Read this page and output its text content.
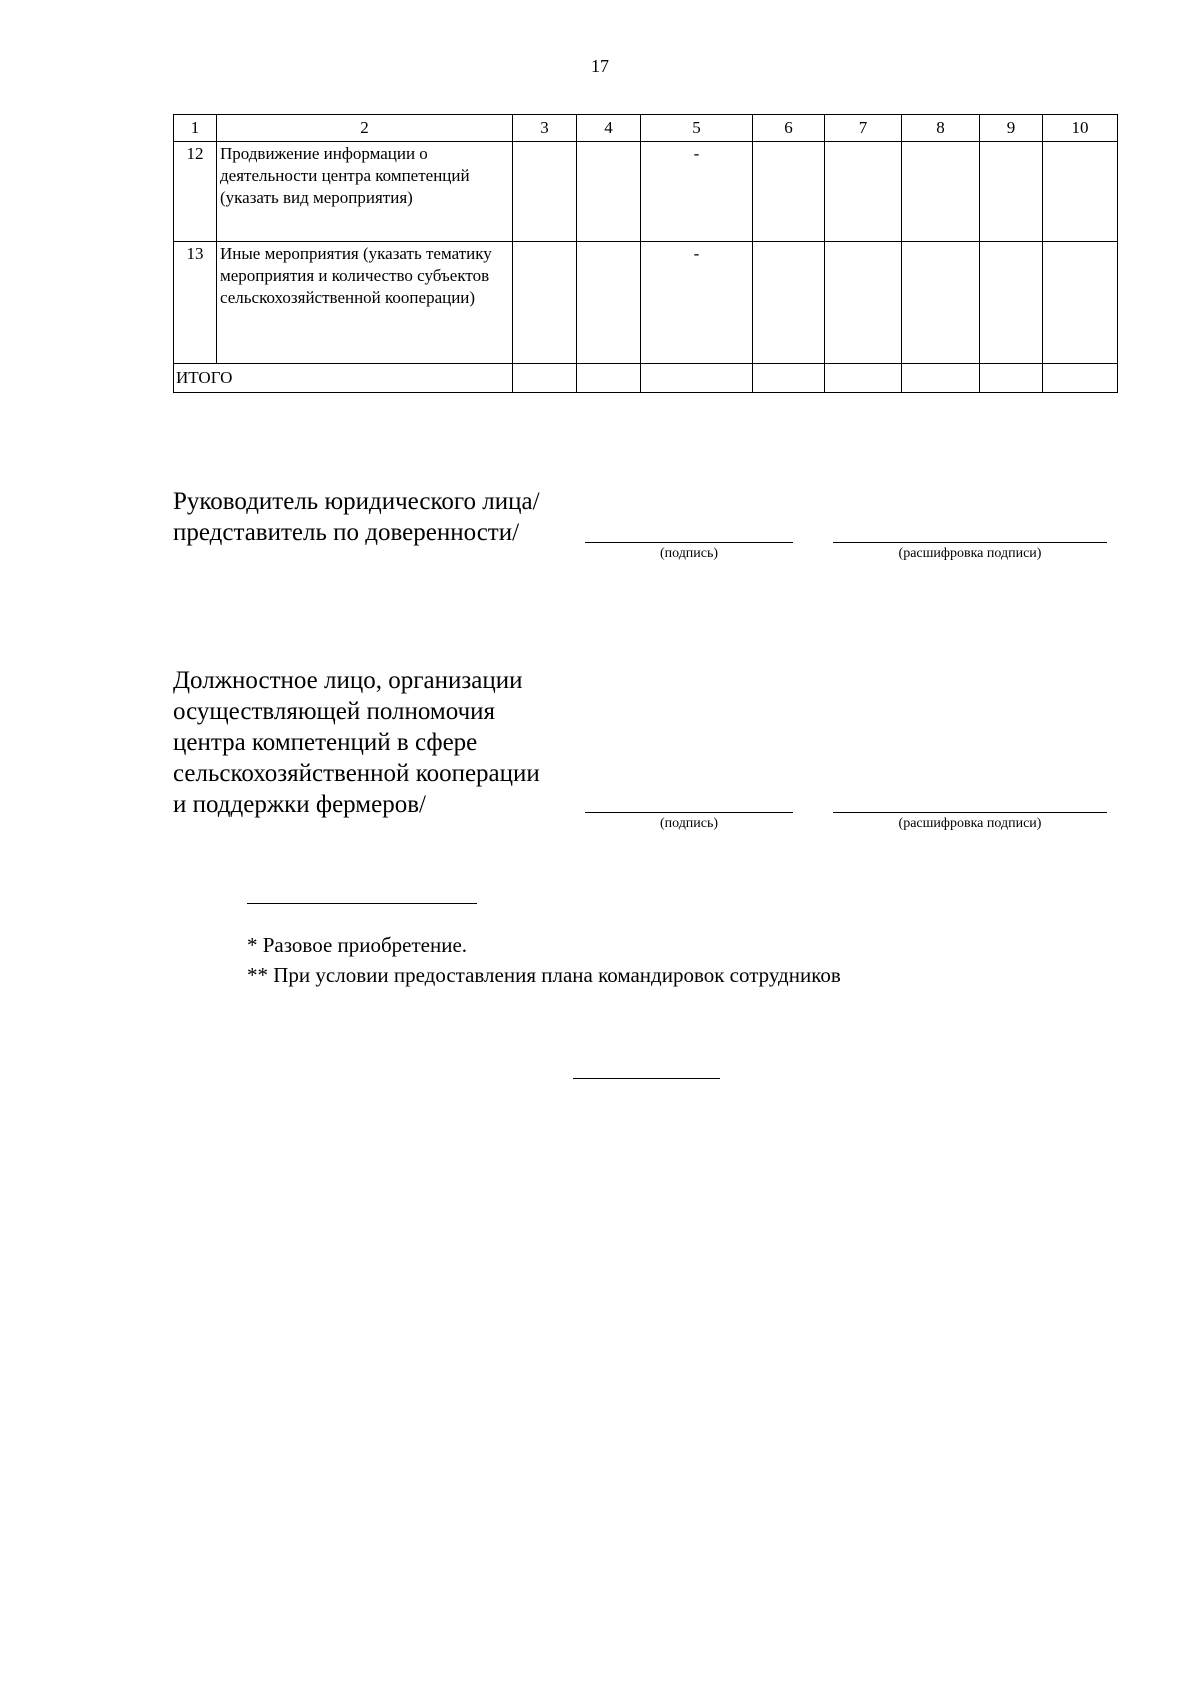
17
1	2	3	4	5	6	7	8	9	10
12	Продвижение информации о деятельности центра компетенций (указать вид мероприятия)			-					
13	Иные мероприятия (указать тематику мероприятия и количество субъектов сельскохозяйственной кооперации)			-					
ИТОГО									
Руководитель юридического лица/
представитель по доверенности/
(подпись)	(расшифровка подписи)
Должностное лицо, организации
осуществляющей полномочия
центра компетенций в сфере
сельскохозяйственной кооперации
и поддержки фермеров/
(подпись)	(расшифровка подписи)
* Разовое приобретение.
** При условии предоставления плана командировок сотрудников
